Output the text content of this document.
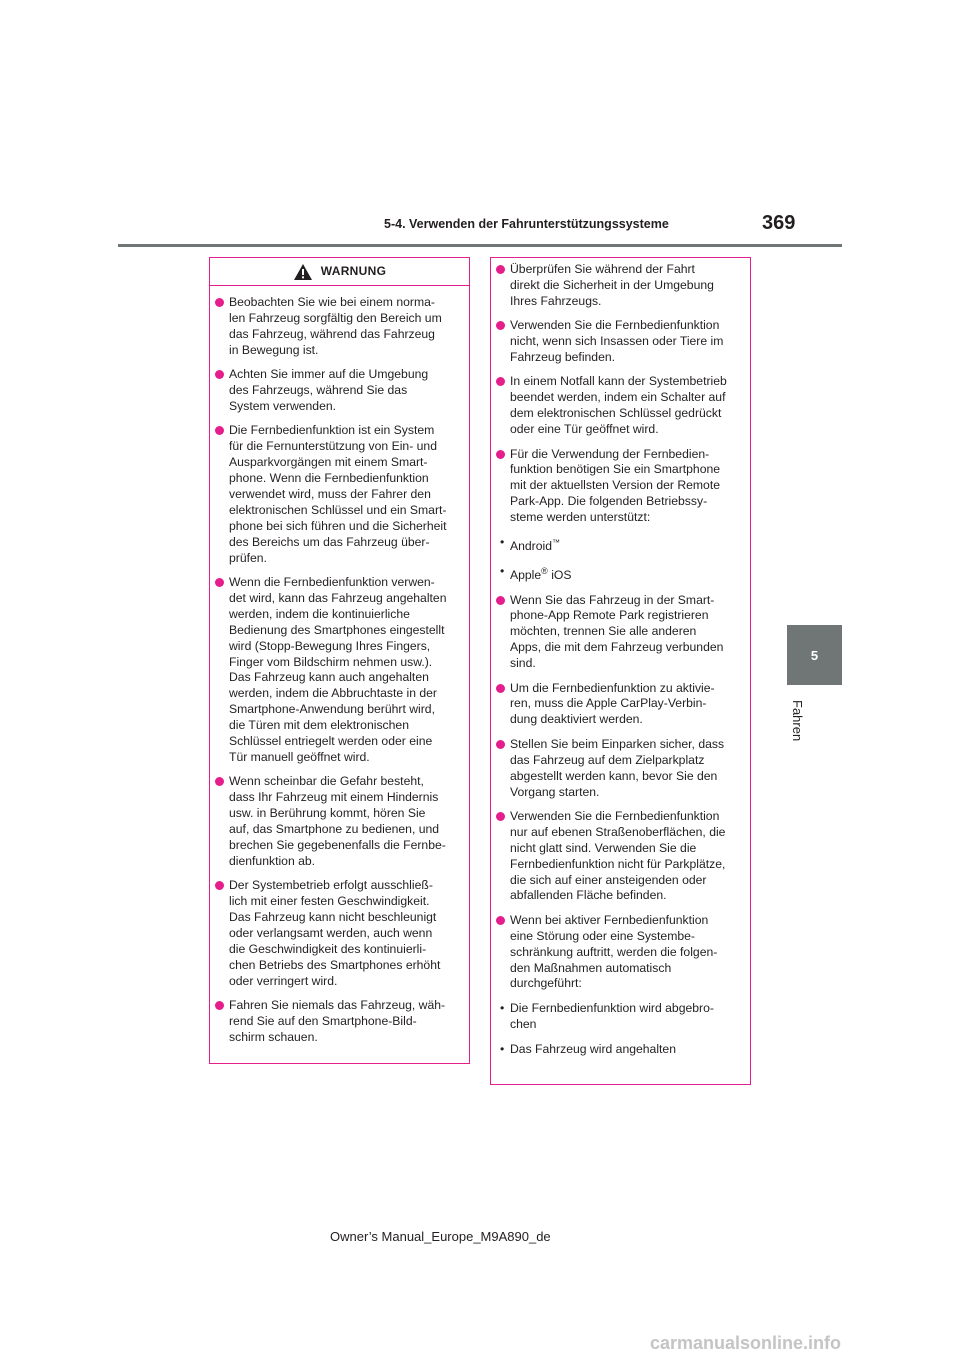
5-4. Verwenden der Fahrunterstützungssysteme	369
5
Fahren
WARNUNG
Beobachten Sie wie bei einem norma-
len Fahrzeug sorgfältig den Bereich um
das Fahrzeug, während das Fahrzeug
in Bewegung ist.
Achten Sie immer auf die Umgebung
des Fahrzeugs, während Sie das
System verwenden.
Die Fernbedienfunktion ist ein System
für die Fernunterstützung von Ein- und
Ausparkvorgängen mit einem Smart-
phone. Wenn die Fernbedienfunktion
verwendet wird, muss der Fahrer den
elektronischen Schlüssel und ein Smart-
phone bei sich führen und die Sicherheit
des Bereichs um das Fahrzeug über-
prüfen.
Wenn die Fernbedienfunktion verwen-
det wird, kann das Fahrzeug angehalten
werden, indem die kontinuierliche
Bedienung des Smartphones eingestellt
wird (Stopp-Bewegung Ihres Fingers,
Finger vom Bildschirm nehmen usw.).
Das Fahrzeug kann auch angehalten
werden, indem die Abbruchtaste in der
Smartphone-Anwendung berührt wird,
die Türen mit dem elektronischen
Schlüssel entriegelt werden oder eine
Tür manuell geöffnet wird.
Wenn scheinbar die Gefahr besteht,
dass Ihr Fahrzeug mit einem Hindernis
usw. in Berührung kommt, hören Sie
auf, das Smartphone zu bedienen, und
brechen Sie gegebenenfalls die Fernbe-
dienfunktion ab.
Der Systembetrieb erfolgt ausschließ-
lich mit einer festen Geschwindigkeit.
Das Fahrzeug kann nicht beschleunigt
oder verlangsamt werden, auch wenn
die Geschwindigkeit des kontinuierli-
chen Betriebs des Smartphones erhöht
oder verringert wird.
Fahren Sie niemals das Fahrzeug, wäh-
rend Sie auf den Smartphone-Bild-
schirm schauen.
Überprüfen Sie während der Fahrt
direkt die Sicherheit in der Umgebung
Ihres Fahrzeugs.
Verwenden Sie die Fernbedienfunktion
nicht, wenn sich Insassen oder Tiere im
Fahrzeug befinden.
In einem Notfall kann der Systembetrieb
beendet werden, indem ein Schalter auf
dem elektronischen Schlüssel gedrückt
oder eine Tür geöffnet wird.
Für die Verwendung der Fernbedien-
funktion benötigen Sie ein Smartphone
mit der aktuellsten Version der Remote
Park-App. Die folgenden Betriebssy-
steme werden unterstützt:
• Android™
• Apple® iOS
Wenn Sie das Fahrzeug in der Smart-
phone-App Remote Park registrieren
möchten, trennen Sie alle anderen
Apps, die mit dem Fahrzeug verbunden
sind.
Um die Fernbedienfunktion zu aktivie-
ren, muss die Apple CarPlay-Verbin-
dung deaktiviert werden.
Stellen Sie beim Einparken sicher, dass
das Fahrzeug auf dem Zielparkplatz
abgestellt werden kann, bevor Sie den
Vorgang starten.
Verwenden Sie die Fernbedienfunktion
nur auf ebenen Straßenoberflächen, die
nicht glatt sind. Verwenden Sie die
Fernbedienfunktion nicht für Parkplätze,
die sich auf einer ansteigenden oder
abfallenden Fläche befinden.
Wenn bei aktiver Fernbedienfunktion
eine Störung oder eine Systembe-
schränkung auftritt, werden die folgen-
den Maßnahmen automatisch
durchgeführt:
• Die Fernbedienfunktion wird abgebro-
chen
• Das Fahrzeug wird angehalten
Owner’s Manual_Europe_M9A890_de
carmanualsonline.info
